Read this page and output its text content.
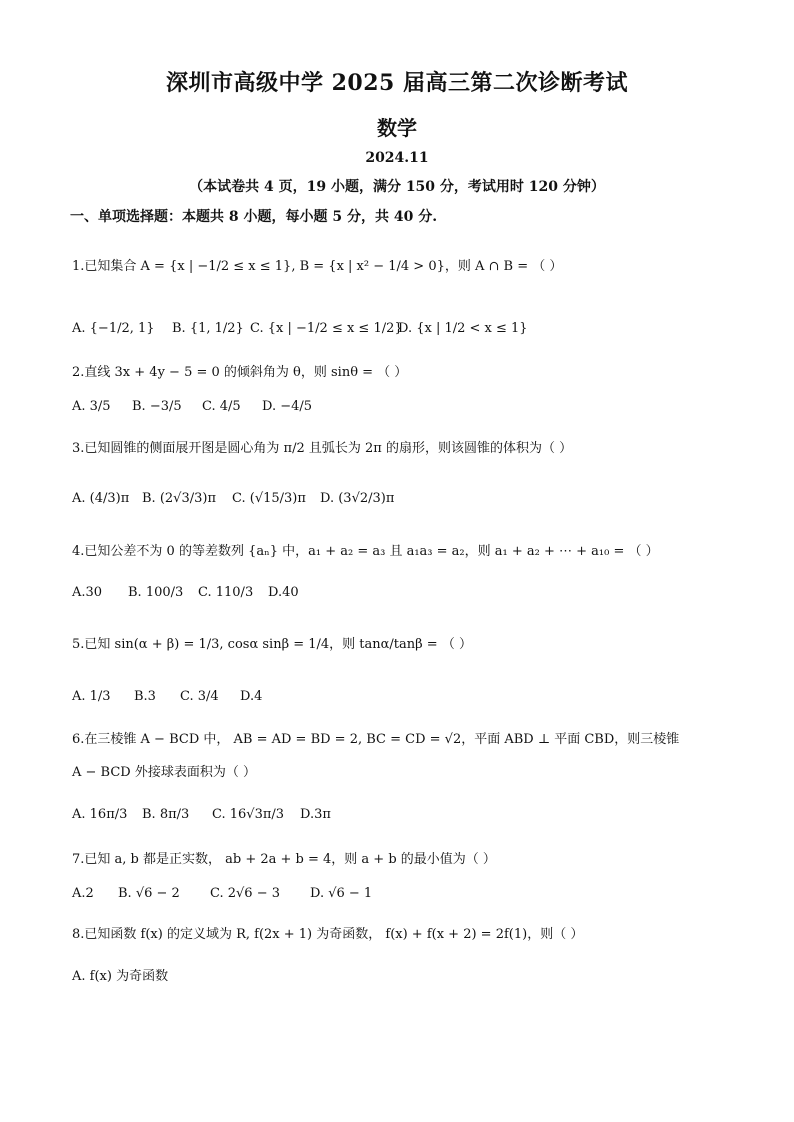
深圳市高级中学 2025 届高三第二次诊断考试
数学
2024.11
（本试卷共 4 页，19 小题，满分 150 分，考试用时 120 分钟）
一、单项选择题：本题共 8 小题，每小题 5 分，共 40 分.
1.已知集合 A = {x | −1/2 ≤ x ≤ 1}, B = {x | x² − 1/4 > 0}，则 A ∩ B = （ ）
A. {−1/2, 1} B. {1, 1/2} C. {x | −1/2 ≤ x ≤ 1/2}
D. {x | 1/2 < x ≤ 1}
2.直线 3x + 4y − 5 = 0 的倾斜角为 θ，则 sinθ = （ ）
A. 3/5 B. −3/5 C. 4/5 D. −4/5
3.已知圆锥的侧面展开图是圆心角为 π/2 且弧长为 2π 的扇形，则该圆锥的体积为（ ）
A. (4/3)π B. (2√3/3)π C. (√15/3)π D. (3√2/3)π
4.已知公差不为 0 的等差数列 {aₙ} 中，a₁ + a₂ = a₃ 且 a₁a₃ = a₂，则 a₁ + a₂ + ⋯ + a₁₀ = （ ）
A.30 B. 100/3 C. 110/3 D.40
5.已知 sin(α + β) = 1/3, cosα sinβ = 1/4，则 tanα/tanβ = （ ）
A. 1/3 B.3 C. 3/4 D.4
6.在三棱锥 A − BCD 中， AB = AD = BD = 2, BC = CD = √2，平面 ABD ⊥ 平面 CBD，则三棱锥
A − BCD 外接球表面积为（ ）
A. 16π/3 B. 8π/3 C. 16√3π/3 D.3π
7.已知 a, b 都是正实数， ab + 2a + b = 4，则 a + b 的最小值为（ ）
A.2 B. √6 − 2 C. 2√6 − 3 D. √6 − 1
8.已知函数 f(x) 的定义域为 R, f(2x + 1) 为奇函数， f(x) + f(x + 2) = 2f(1)，则（ ）
A. f(x) 为奇函数
